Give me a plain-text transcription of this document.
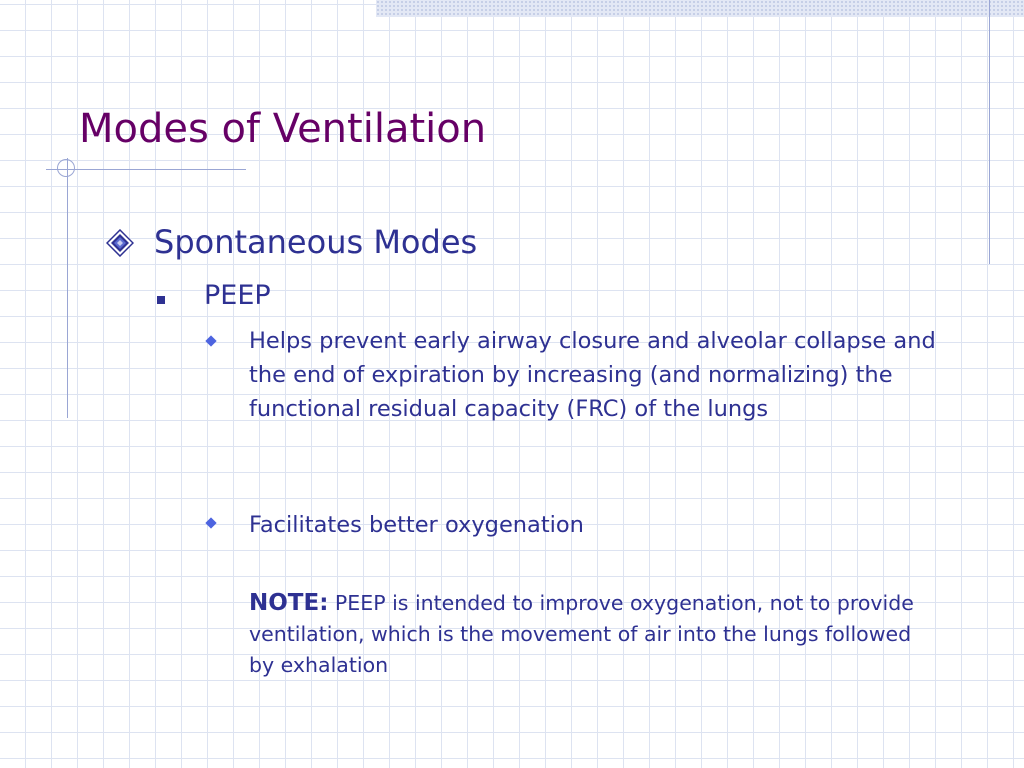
Modes of Ventilation
Spontaneous Modes
PEEP
Helps prevent early airway closure and alveolar collapse and the end of expiration by increasing (and normalizing) the functional residual capacity (FRC) of the lungs
Facilitates better oxygenation
NOTE: PEEP is intended to improve oxygenation, not to provide ventilation, which is the movement of air into the lungs followed by exhalation
